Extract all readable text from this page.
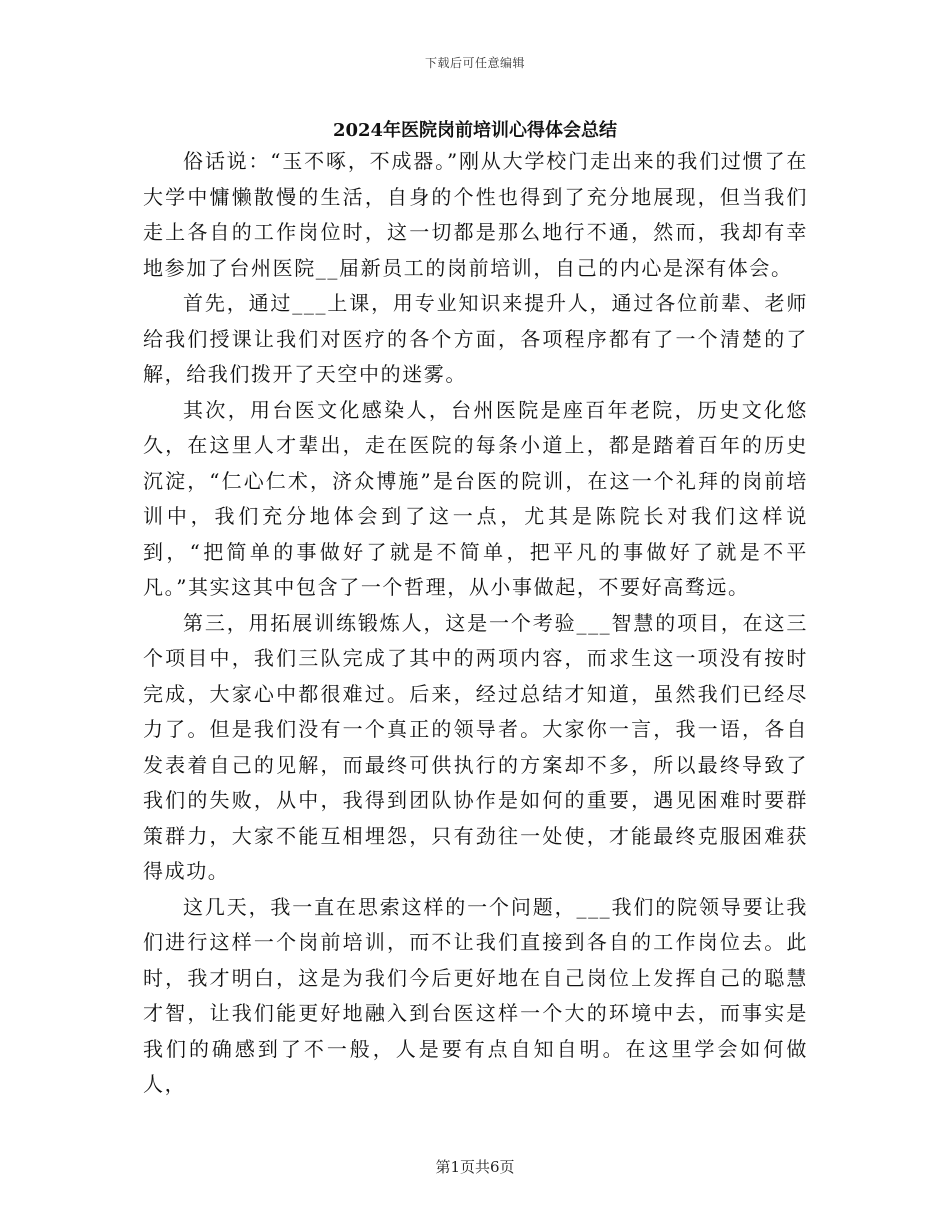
下载后可任意编辑
2024年医院岗前培训心得体会总结

俗话说：“玉不啄，不成器。”刚从大学校门走出来的我们过惯了在大学中慵懒散慢的生活，自身的个性也得到了充分地展现，但当我们走上各自的工作岗位时，这一切都是那么地行不通，然而，我却有幸地参加了台州医院__届新员工的岗前培训，自己的内心是深有体会。

首先，通过___上课，用专业知识来提升人，通过各位前辈、老师给我们授课让我们对医疗的各个方面，各项程序都有了一个清楚的了解，给我们拨开了天空中的迷雾。

其次，用台医文化感染人，台州医院是座百年老院，历史文化悠久，在这里人才辈出，走在医院的每条小道上，都是踏着百年的历史沉淀，“仁心仁术，济众博施”是台医的院训，在这一个礼拜的岗前培训中，我们充分地体会到了这一点，尤其是陈院长对我们这样说到，“把简单的事做好了就是不简单，把平凡的事做好了就是不平凡。”其实这其中包含了一个哲理，从小事做起，不要好高骛远。

第三，用拓展训练锻炼人，这是一个考验___智慧的项目，在这三个项目中，我们三队完成了其中的两项内容，而求生这一项没有按时完成，大家心中都很难过。后来，经过总结才知道，虽然我们已经尽力了。但是我们没有一个真正的领导者。大家你一言，我一语，各自发表着自己的见解，而最终可供执行的方案却不多，所以最终导致了我们的失败，从中，我得到团队协作是如何的重要，遇见困难时要群策群力，大家不能互相埋怨，只有劲往一处使，才能最终克服困难获得成功。

这几天，我一直在思索这样的一个问题，___我们的院领导要让我们进行这样一个岗前培训，而不让我们直接到各自的工作岗位去。此时，我才明白，这是为我们今后更好地在自己岗位上发挥自己的聪慧才智，让我们能更好地融入到台医这样一个大的环境中去，而事实是我们的确感到了不一般，人是要有点自知自明。在这里学会如何做人，

第1页共6页
